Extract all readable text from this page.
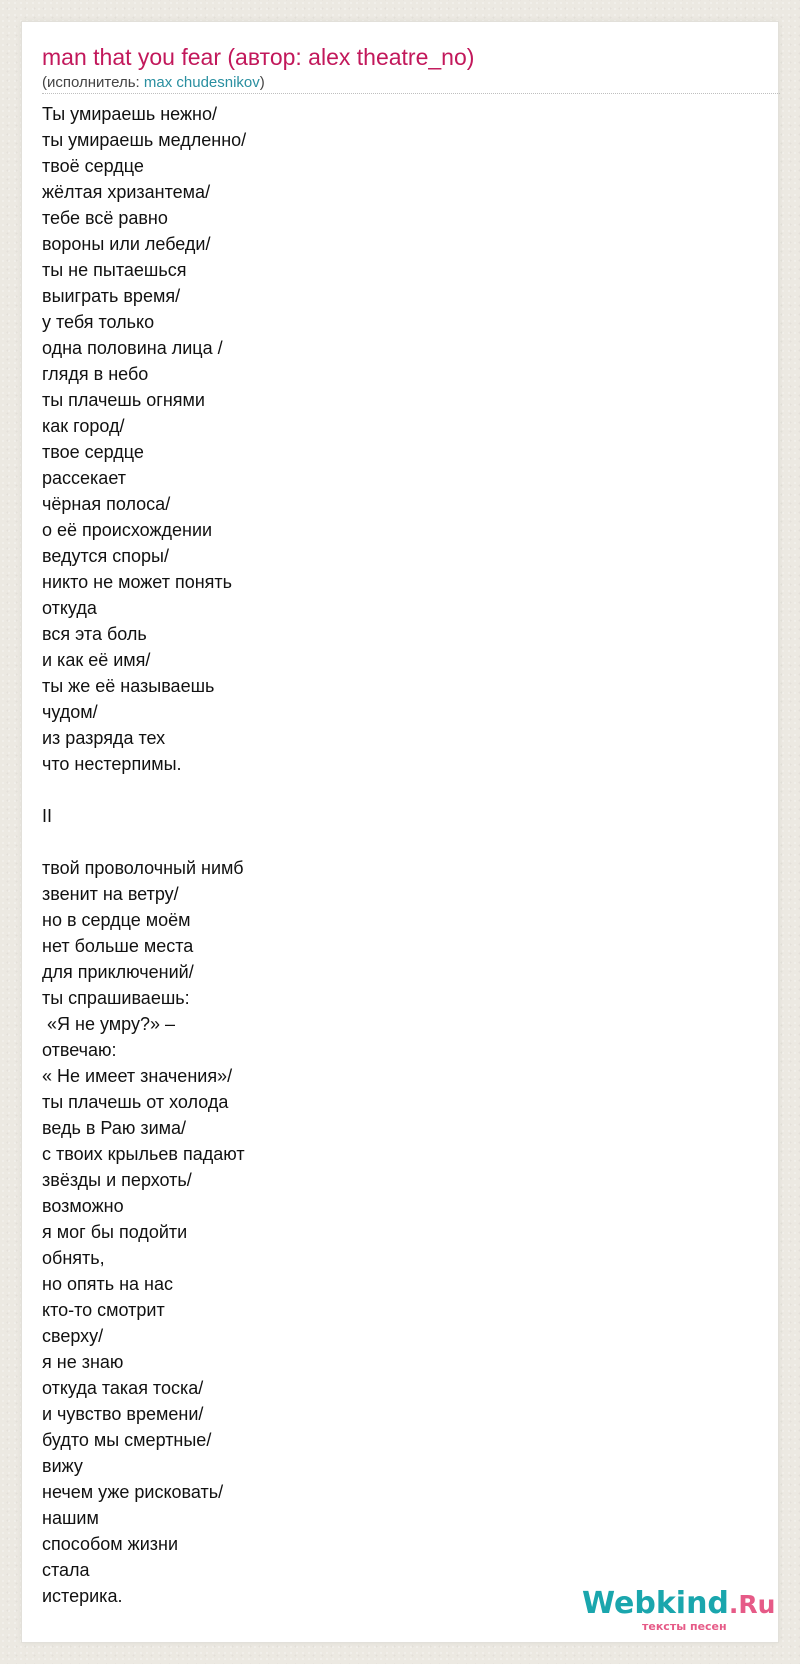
man that you fear (автор: alex theatre_no)
(исполнитель: max chudesnikov)
Ты умираешь нежно/
ты умираешь медленно/
твоё сердце
жёлтая хризантема/
тебе всё равно
вороны или лебеди/
ты не пытаешься
выиграть время/
у тебя только
одна половина лица /
глядя в небо
ты плачешь огнями
как город/
твое сердце
рассекает
чёрная полоса/
о её происхождении
ведутся споры/
никто не может понять
откуда
вся эта боль
и как её имя/
ты же её называешь
чудом/
из разряда тех
что нестерпимы.
II
твой проволочный нимб
звенит на ветру/
но в сердце моём
нет больше места
для приключений/
ты спрашиваешь:
«Я не умру?» –
отвечаю:
« Не имеет значения»/
ты плачешь от холода
ведь в Раю зима/
с твоих крыльев падают
звёзды и перхоть/
возможно
я мог бы подойти
обнять,
но опять на нас
кто-то смотрит
сверху/
я не знаю
откуда такая тоска/
и чувство времени/
будто мы смертные/
вижу
нечем уже рисковать/
нашим
способом жизни
стала
истерика.	Webkind.Ru
тексты песен
